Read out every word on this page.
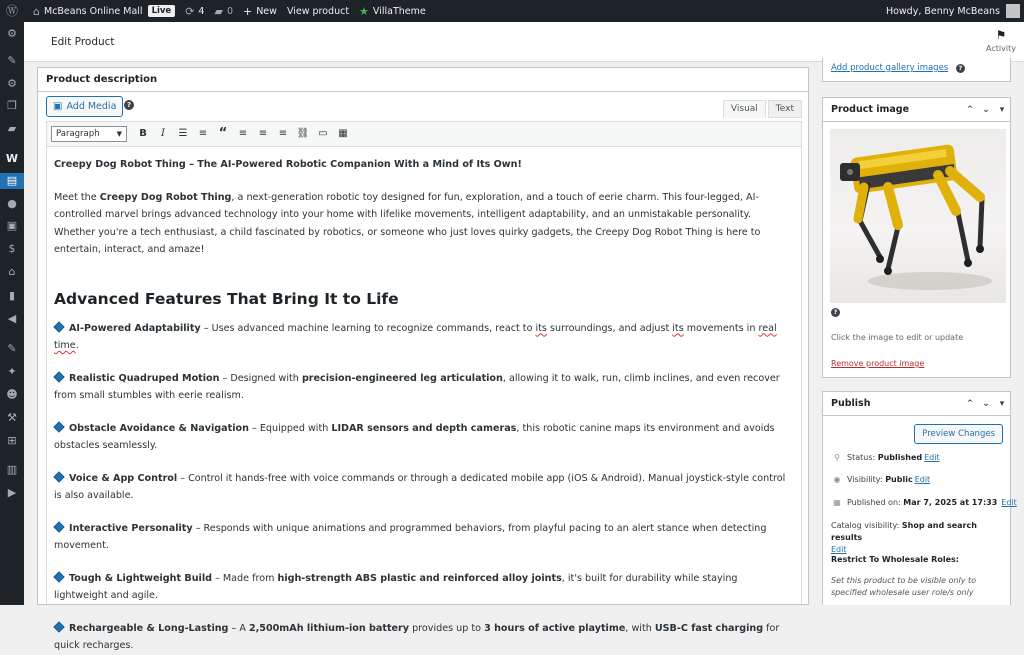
Ⓦ ⌂ McBeans Online Mall	Live	⟳ 4 ▰ 0 + New View product ★ VillaTheme	Howdy, Benny McBeans
⚙
✎
⚙
❐
▰
W
▤
●
▣
$
⌂
▮
◀
✎
✦
☻
⚒
⊞
▥
▶
Edit Product	⚑
Activity
Product description
▣ Add Media	?	Visual	Text
Paragraph ▼	B	I	☰	≡ “	≡	≡	≡ ⛓ ▭	▦

Creepy Dog Robot Thing – The AI-Powered Robotic Companion With a Mind of Its Own!

Meet the Creepy Dog Robot Thing, a next-generation robotic toy designed for fun, exploration, and a touch of eerie charm. This four-legged, AI-controlled marvel brings advanced technology into your home with lifelike movements, intelligent adaptability, and an unmistakable personality. Whether you're a tech enthusiast, a child fascinated by robotics, or someone who just loves quirky gadgets, the Creepy Dog Robot Thing is here to entertain, interact, and amaze!

Advanced Features That Bring It to Life

AI-Powered Adaptability – Uses advanced machine learning to recognize commands, react to its surroundings, and adjust its movements in real time.

Realistic Quadruped Motion – Designed with precision-engineered leg articulation, allowing it to walk, run, climb inclines, and even recover from small stumbles with eerie realism.

Obstacle Avoidance & Navigation – Equipped with LIDAR sensors and depth cameras, this robotic canine maps its environment and avoids obstacles seamlessly.

Voice & App Control – Control it hands-free with voice commands or through a dedicated mobile app (iOS & Android). Manual joystick-style control is also available.

Interactive Personality – Responds with unique animations and programmed behaviors, from playful pacing to an alert stance when detecting movement.

Tough & Lightweight Build – Made from high-strength ABS plastic and reinforced alloy joints, it's built for durability while staying lightweight and agile.

Rechargeable & Long-Lasting – A 2,500mAh lithium-ion battery provides up to 3 hours of active playtime, with USB-C fast charging for quick recharges.

Add product gallery images ?
Product image	⌃ ⌄	▾
?
Click the image to edit or update
Remove product image
Publish	⌃ ⌄	▾
Preview Changes
⚲ Status: Published Edit
◉ Visibility: Public Edit
▦ Published on: Mar 7, 2025 at 17:33 Edit
Catalog visibility: Shop and search results
Edit
Restrict To Wholesale Roles:
Set this product to be visible only to specified wholesale user role/s only
